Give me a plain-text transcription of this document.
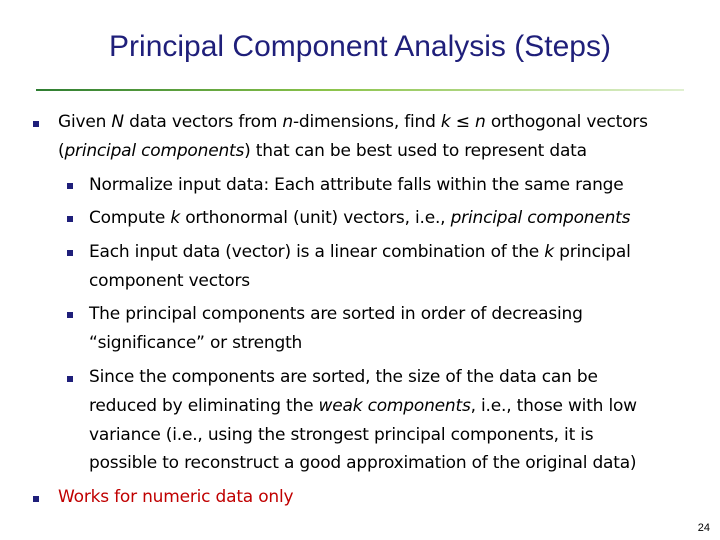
Principal Component Analysis (Steps)
Given N data vectors from n-dimensions, find k ≤ n orthogonal vectors
(principal components) that can be best used to represent data
Normalize input data: Each attribute falls within the same range
Compute k orthonormal (unit) vectors, i.e., principal components
Each input data (vector) is a linear combination of the k principal
component vectors
The principal components are sorted in order of decreasing
“significance” or strength
Since the components are sorted, the size of the data can be
reduced by eliminating the weak components, i.e., those with low
variance (i.e., using the strongest principal components, it is
possible to reconstruct a good approximation of the original data)
Works for numeric data only
24
